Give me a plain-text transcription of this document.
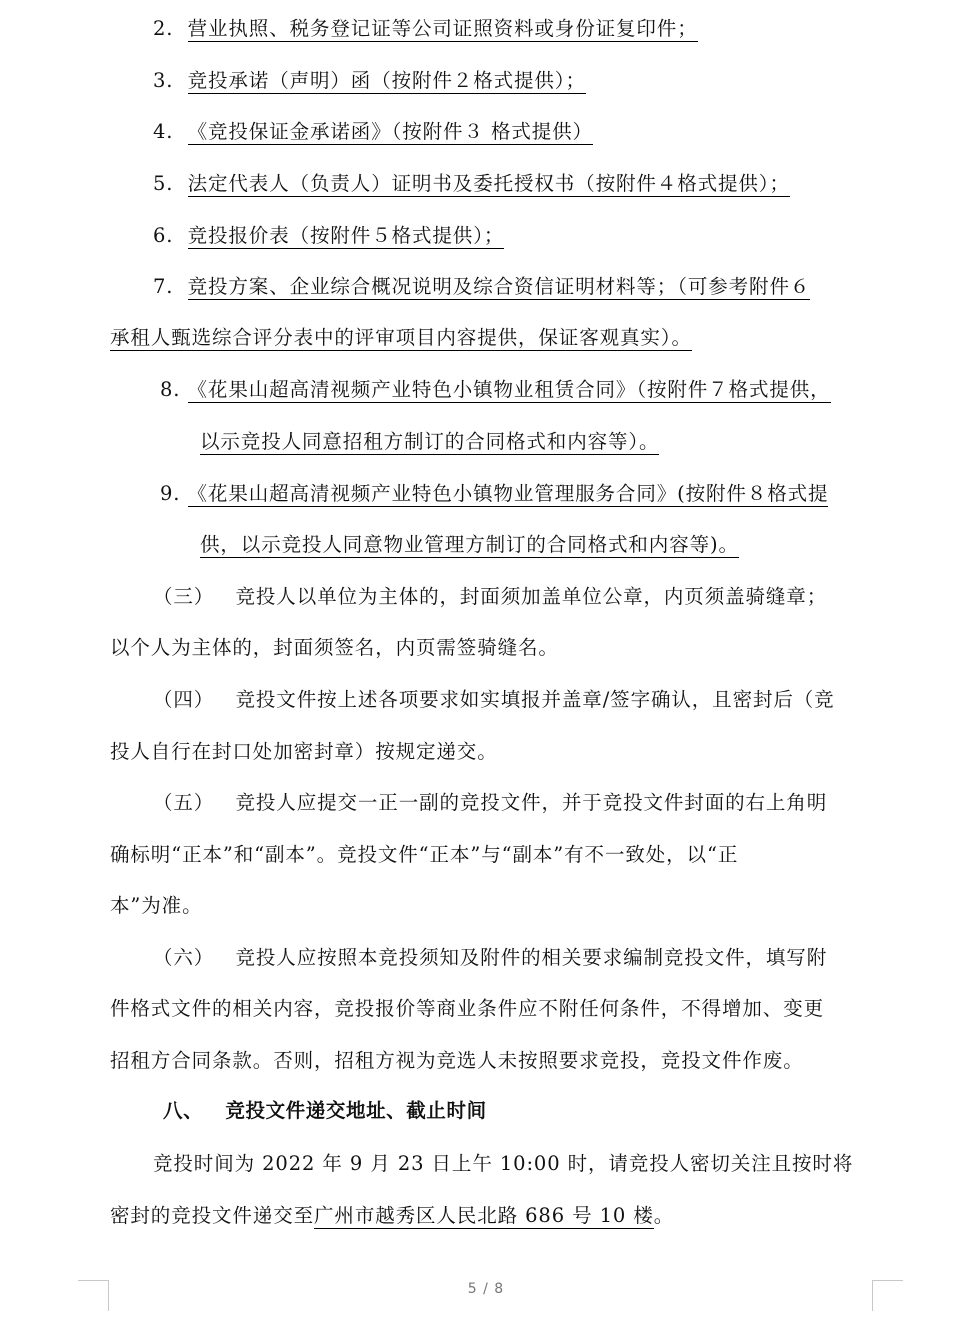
2. 营业执照、税务登记证等公司证照资料或身份证复印件；
3. 竞投承诺（声明）函（按附件２格式提供）；
4. 《竞投保证金承诺函》（按附件３ 格式提供）
5. 法定代表人（负责人）证明书及委托授权书（按附件４格式提供）；
6. 竞投报价表（按附件５格式提供）；
7. 竞投方案、企业综合概况说明及综合资信证明材料等；（可参考附件６
承租人甄选综合评分表中的评审项目内容提供，保证客观真实）。
8. 《花果山超高清视频产业特色小镇物业租赁合同》（按附件７格式提供，
以示竞投人同意招租方制订的合同格式和内容等）。
9. 《花果山超高清视频产业特色小镇物业管理服务合同》(按附件８格式提
供，以示竞投人同意物业管理方制订的合同格式和内容等)。
（三） 竞投人以单位为主体的，封面须加盖单位公章，内页须盖骑缝章；
以个人为主体的，封面须签名，内页需签骑缝名。
（四） 竞投文件按上述各项要求如实填报并盖章/签字确认，且密封后（竞
投人自行在封口处加密封章）按规定递交。
（五） 竞投人应提交一正一副的竞投文件，并于竞投文件封面的右上角明
确标明“正本”和“副本”。竞投文件“正本”与“副本”有不一致处，以“正
本”为准。
（六） 竞投人应按照本竞投须知及附件的相关要求编制竞投文件，填写附
件格式文件的相关内容，竞投报价等商业条件应不附任何条件，不得增加、变更
招租方合同条款。否则，招租方视为竞选人未按照要求竞投，竞投文件作废。
八、 竞投文件递交地址、截止时间
竞投时间为 2022 年 9 月 23 日上午 10:00 时，请竞投人密切关注且按时将
密封的竞投文件递交至广州市越秀区人民北路 686 号 10 楼。
5 / 8
